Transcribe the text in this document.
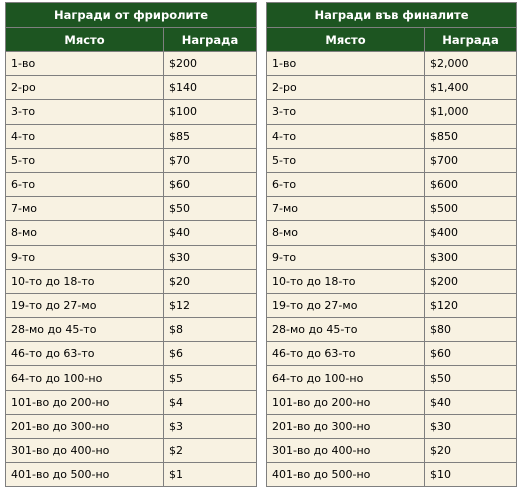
Награди от фриролите	
Място	Награда
1-во	$200
2-ро	$140
3-то	$100
4-то	$85
5-то	$70
6-то	$60
7-мо	$50
8-мо	$40
9-то	$30
10-то до 18-то	$20
19-то до 27-мо	$12
28-мо до 45-то	$8
46-то до 63-то	$6
64-то до 100-но	$5
101-во до 200-но	$4
201-во до 300-но	$3
301-во до 400-но	$2
401-во до 500-но	$1
Награди във финалите	
Място	Награда
1-во	$2,000
2-ро	$1,400
3-то	$1,000
4-то	$850
5-то	$700
6-то	$600
7-мо	$500
8-мо	$400
9-то	$300
10-то до 18-то	$200
19-то до 27-мо	$120
28-мо до 45-то	$80
46-то до 63-то	$60
64-то до 100-но	$50
101-во до 200-но	$40
201-во до 300-но	$30
301-во до 400-но	$20
401-во до 500-но	$10
